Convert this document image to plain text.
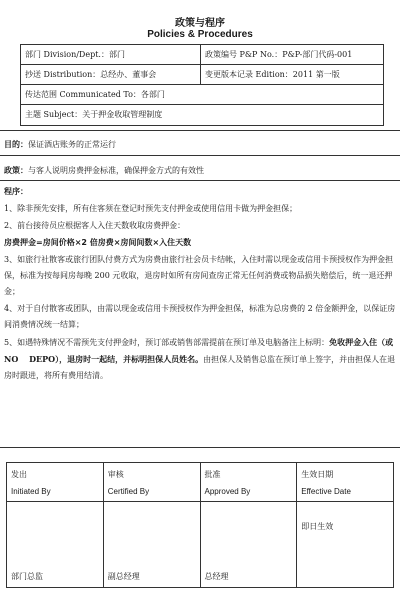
政策与程序
Policies & Procedures
部门 Division/Dept.：部门	政策编号 P&P No.：P&P-部门代码-001
抄送 Distribution：总经办、董事会	变更版本记录 Edition：2011 第一版
传达范围 Communicated To：各部门
主题 Subject：关于押金收取管理制度
目的：保证酒店账务的正常运行
政策：与客人说明房费押金标准，确保押金方式的有效性
程序：
1、除非预先安排，所有住客须在登记时预先支付押金或使用信用卡做为押金担保；
2、前台接待员应根据客人入住天数收取房费押金：
房费押金=房间价格×2 倍房费×房间间数×入住天数
3、如旅行社散客或旅行团队付费方式为房费由旅行社会员卡结帐，入住时需以现金或信用卡预授权作为押金担保，标准为按每间房每晚 200 元收取，退房时如所有房间查房正常无任何消费或物品损失赔偿后，统一退还押金；
4、对于自付散客或团队，由需以现金或信用卡预授权作为押金担保，标准为总房费的 2 倍金额押金，以保证房间消费情况统一结算；
5、如遇特殊情况不需预先支付押金时，预订部或销售部需提前在预订单及电脑备注上标明：免收押金入住（或 NO　 DEPO），退房时一起结，并标明担保人员姓名。由担保人及销售总监在预订单上签字，并由担保人在退房时跟进，将所有费用结清。
发出
Initiated By
部门总监
审核
Certified By
副总经理
批准
Approved By
总经理
生效日期
Effective Date
即日生效
